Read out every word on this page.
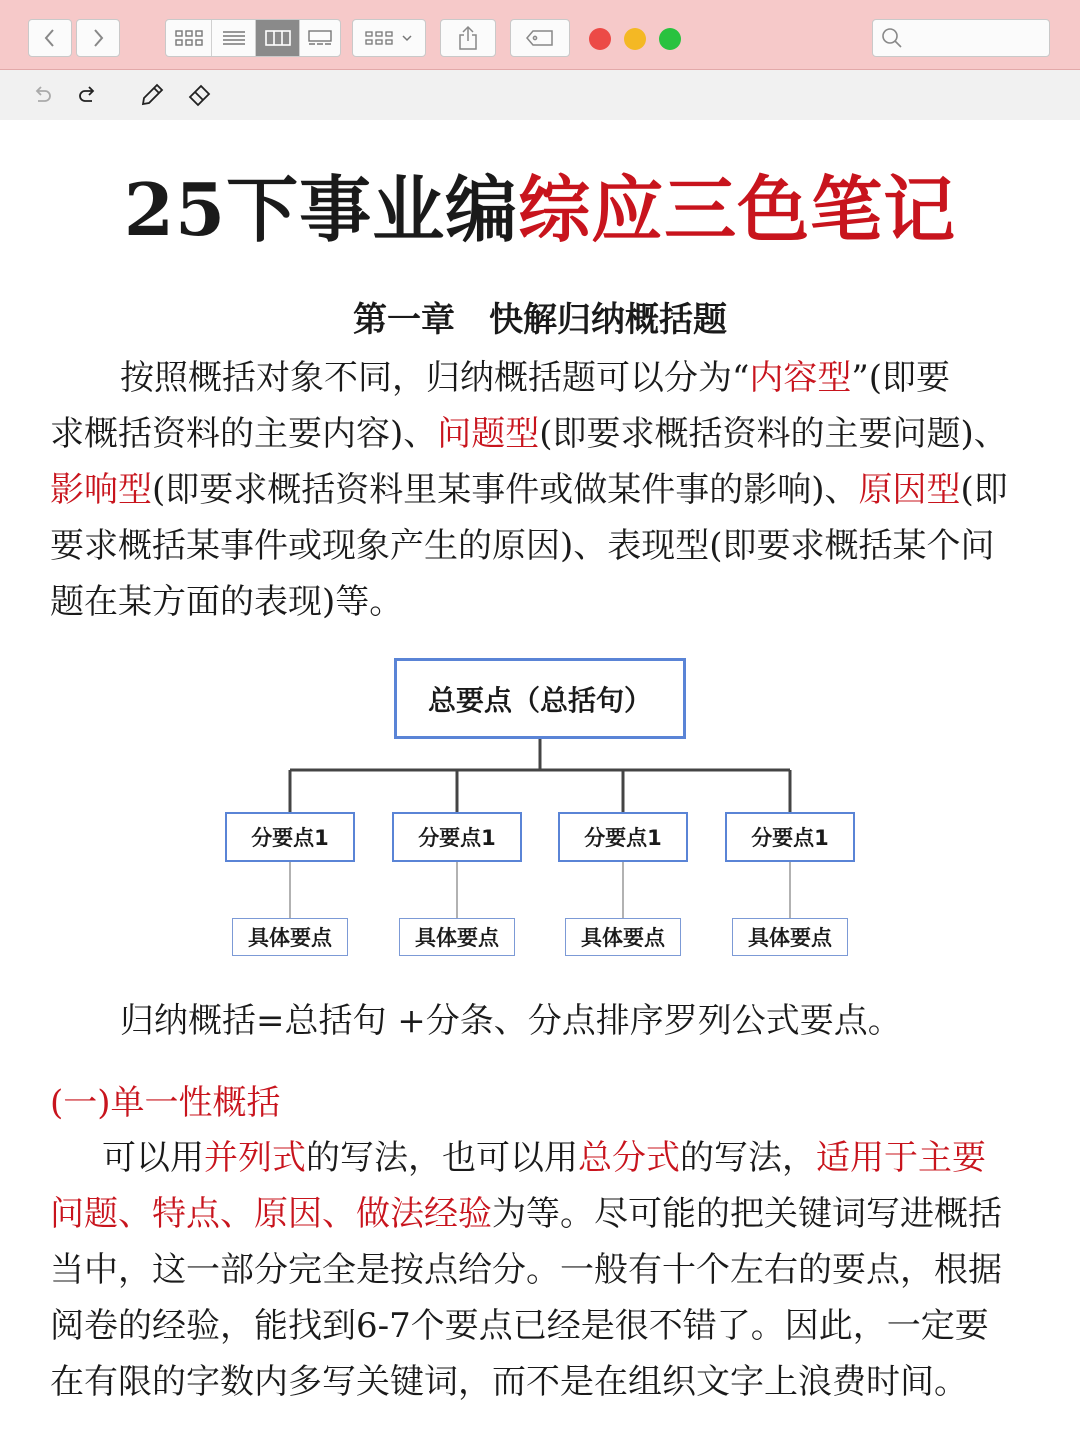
25下事业编综应三色笔记
第一章　快解归纳概括题
按照概括对象不同，归纳概括题可以分为“内容型”(即要
求概括资料的主要内容)、问题型(即要求概括资料的主要问题)、
影响型(即要求概括资料里某事件或做某件事的影响)、原因型(即
要求概括某事件或现象产生的原因)、表现型(即要求概括某个问
题在某方面的表现)等。
总要点（总括句）
分要点1	分要点1	分要点1	分要点1
具体要点	具体要点	具体要点	具体要点
归纳概括=总括句 +分条、分点排序罗列公式要点。
(一)单一性概括
可以用并列式的写法，也可以用总分式的写法，适用于主要
问题、特点、原因、做法经验为等。尽可能的把关键词写进概括
当中，这一部分完全是按点给分。一般有十个左右的要点，根据
阅卷的经验，能找到6-7个要点已经是很不错了。因此，一定要
在有限的字数内多写关键词，而不是在组织文字上浪费时间。
